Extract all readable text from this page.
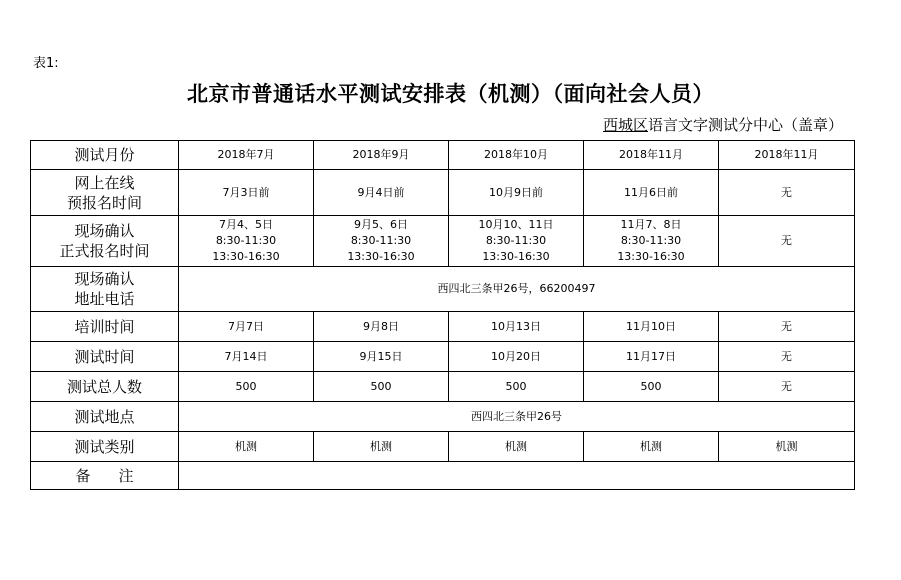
表1:
北京市普通话水平测试安排表（机测）（面向社会人员）
西城区语言文字测试分中心（盖章）
测试月份	2018年7月	2018年9月	2018年10月	2018年11月	2018年11月
网上在线
预报名时间	7月3日前	9月4日前	10月9日前	11月6日前	无
现场确认
正式报名时间	7月4、5日
8:30-11:30
13:30-16:30	9月5、6日
8:30-11:30
13:30-16:30	10月10、11日
8:30-11:30
13:30-16:30	11月7、8日
8:30-11:30
13:30-16:30	无
现场确认
地址电话	西四北三条甲26号，66200497				
培训时间	7月7日	9月8日	10月13日	11月10日	无
测试时间	7月14日	9月15日	10月20日	11月17日	无
测试总人数	500	500	500	500	无
测试地点	西四北三条甲26号				
测试类别	机测	机测	机测	机测	机测
备 注					
